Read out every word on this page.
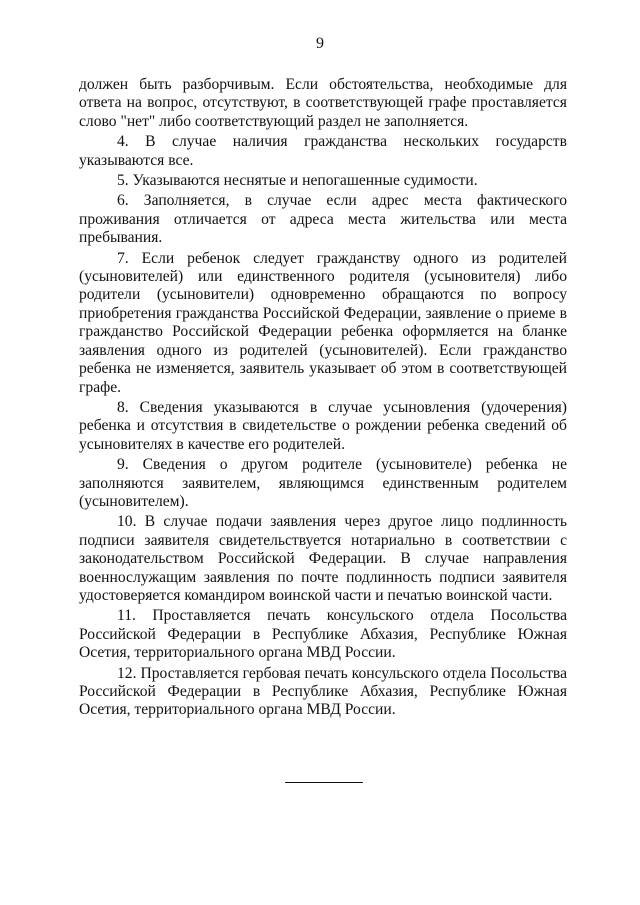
9

должен быть разборчивым. Если обстоятельства, необходимые для ответа на вопрос, отсутствуют, в соответствующей графе проставляется слово "нет" либо соответствующий раздел не заполняется.

4. В случае наличия гражданства нескольких государств указываются все.

5. Указываются неснятые и непогашенные судимости.

6. Заполняется, в случае если адрес места фактического проживания отличается от адреса места жительства или места пребывания.

7. Если ребенок следует гражданству одного из родителей (усыновителей) или единственного родителя (усыновителя) либо родители (усыновители) одновременно обращаются по вопросу приобретения гражданства Российской Федерации, заявление о приеме в гражданство Российской Федерации ребенка оформляется на бланке заявления одного из родителей (усыновителей). Если гражданство ребенка не изменяется, заявитель указывает об этом в соответствующей графе.

8. Сведения указываются в случае усыновления (удочерения) ребенка и отсутствия в свидетельстве о рождении ребенка сведений об усыновителях в качестве его родителей.

9. Сведения о другом родителе (усыновителе) ребенка не заполняются заявителем, являющимся единственным родителем (усыновителем).

10. В случае подачи заявления через другое лицо подлинность подписи заявителя свидетельствуется нотариально в соответствии с законодательством Российской Федерации. В случае направления военнослужащим заявления по почте подлинность подписи заявителя удостоверяется командиром воинской части и печатью воинской части.

11. Проставляется печать консульского отдела Посольства Российской Федерации в Республике Абхазия, Республике Южная Осетия, территориального органа МВД России.

12. Проставляется гербовая печать консульского отдела Посольства Российской Федерации в Республике Абхазия, Республике Южная Осетия, территориального органа МВД России.
